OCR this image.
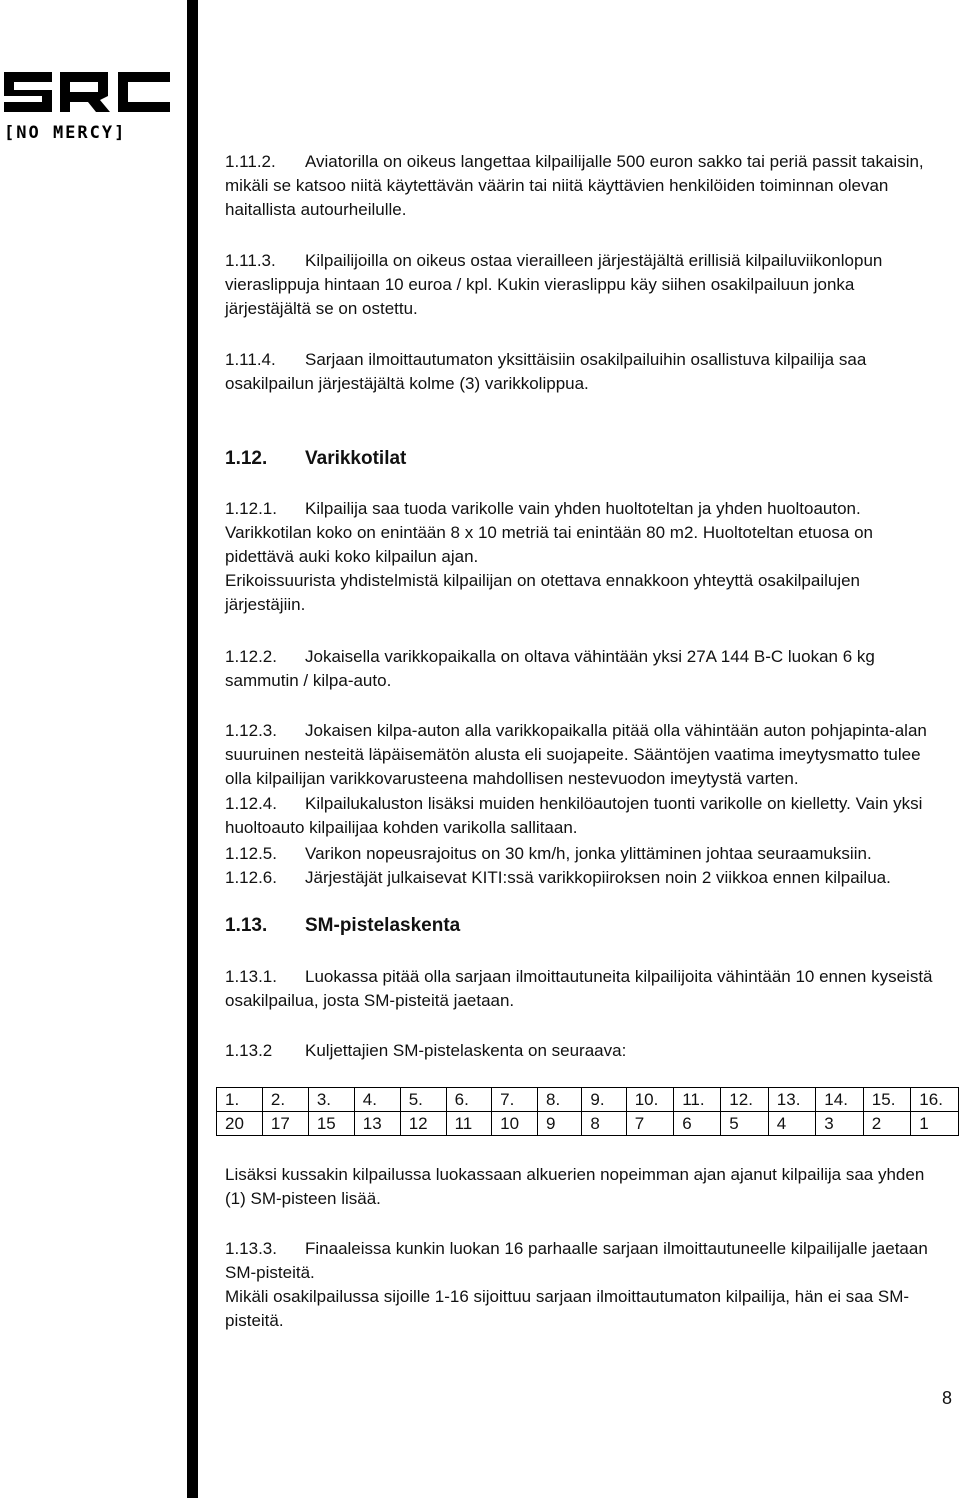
[NO MERCY]

1.11.2. Aviatorilla on oikeus langettaa kilpailijalle 500 euron sakko tai periä passit takaisin, mikäli se katsoo niitä käytettävän väärin tai niitä käyttävien henkilöiden toiminnan olevan haitallista autourheilulle.

1.11.3. Kilpailijoilla on oikeus ostaa vierailleen järjestäjältä erillisiä kilpailuviikonlopun vieraslippuja hintaan 10 euroa / kpl. Kukin vieraslippu käy siihen osakilpailuun jonka järjestäjältä se on ostettu.

1.11.4. Sarjaan ilmoittautumaton yksittäisiin osakilpailuihin osallistuva kilpailija saa osakilpailun järjestäjältä kolme (3) varikkolippua.

1.12. Varikkotilat

1.12.1. Kilpailija saa tuoda varikolle vain yhden huoltoteltan ja yhden huoltoauton. Varikkotilan koko on enintään 8 x 10 metriä tai enintään 80 m2. Huoltoteltan etuosa on pidettävä auki koko kilpailun ajan.
Erikoissuurista yhdistelmistä kilpailijan on otettava ennakkoon yhteyttä osakilpailujen järjestäjiin.

1.12.2. Jokaisella varikkopaikalla on oltava vähintään yksi 27A 144 B-C luokan 6 kg sammutin / kilpa-auto.

1.12.3. Jokaisen kilpa-auton alla varikkopaikalla pitää olla vähintään auton pohjapinta-alan suuruinen nesteitä läpäisemätön alusta eli suojapeite. Sääntöjen vaatima imeytysmatto tulee olla kilpailijan varikkovarusteena mahdollisen nestevuodon imeytystä varten.

1.12.4. Kilpailukaluston lisäksi muiden henkilöautojen tuonti varikolle on kielletty. Vain yksi huoltoauto kilpailijaa kohden varikolla sallitaan.

1.12.5. Varikon nopeusrajoitus on 30 km/h, jonka ylittäminen johtaa seuraamuksiin.

1.12.6. Järjestäjät julkaisevat KITI:ssä varikkopiiroksen noin 2 viikkoa ennen kilpailua.

1.13. SM-pistelaskenta

1.13.1. Luokassa pitää olla sarjaan ilmoittautuneita kilpailijoita vähintään 10 ennen kyseistä osakilpailua, josta SM-pisteitä jaetaan.

1.13.2 Kuljettajien SM-pistelaskenta on seuraava:

1.	2.	3.	4.	5.	6.	7.	8.	9.	10.	11.	12.	13.	14.	15.	16.
20	17	15	13	12	11	10	9	8	7	6	5	4	3	2	1

Lisäksi kussakin kilpailussa luokassaan alkuerien nopeimman ajan ajanut kilpailija saa yhden (1) SM-pisteen lisää.

1.13.3. Finaaleissa kunkin luokan 16 parhaalle sarjaan ilmoittautuneelle kilpailijalle jaetaan SM-pisteitä.
Mikäli osakilpailussa sijoille 1-16 sijoittuu sarjaan ilmoittautumaton kilpailija, hän ei saa SM-pisteitä.

8
